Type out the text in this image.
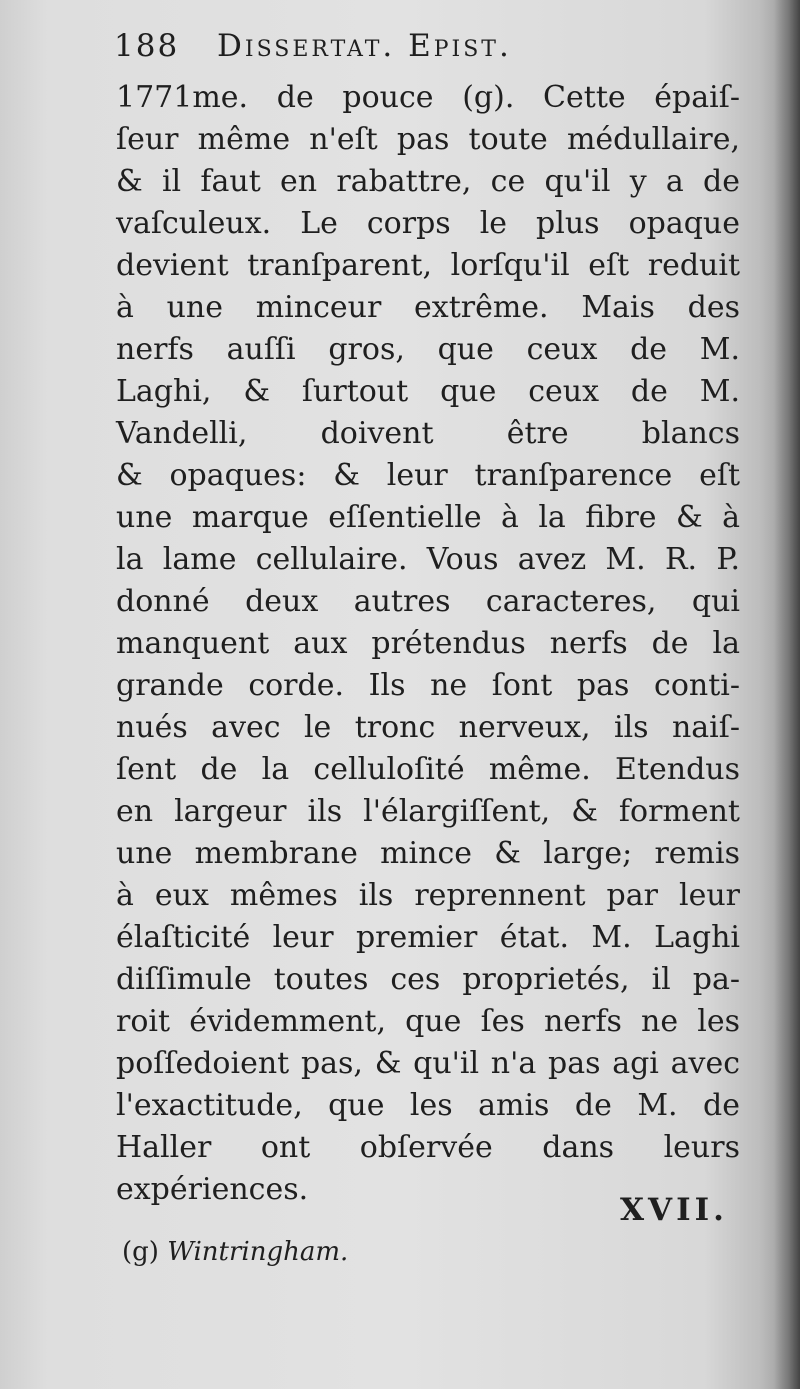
188 Dissertat. Epist.
1771me. de pouce (g). Cette épaiſ-
ſeur même n'eſt pas toute médullaire,
& il faut en rabattre, ce qu'il y a de
vaſculeux. Le corps le plus opaque
devient tranſparent, lorſqu'il eſt reduit
à une minceur extrême. Mais des
nerfs auſſi gros, que ceux de M.
Laghi, & ſurtout que ceux de M.
Vandelli, doivent être blancs
& opaques: & leur tranſparence eſt
une marque eſſentielle à la fibre & à
la lame cellulaire. Vous avez M. R. P.
donné deux autres caracteres, qui
manquent aux prétendus nerfs de la
grande corde. Ils ne ſont pas conti-
nués avec le tronc nerveux, ils naiſ-
ſent de la celluloſité même. Etendus
en largeur ils l'élargiſſent, & forment
une membrane mince & large; remis
à eux mêmes ils reprennent par leur
élaſticité leur premier état. M. Laghi
diſſimule toutes ces proprietés, il pa-
roit évidemment, que ſes nerfs ne les
poſſedoient pas, & qu'il n'a pas agi avec
l'exactitude, que les amis de M. de
Haller ont obſervée dans leurs
expériences.
XVII.
(g) Wintringham.
